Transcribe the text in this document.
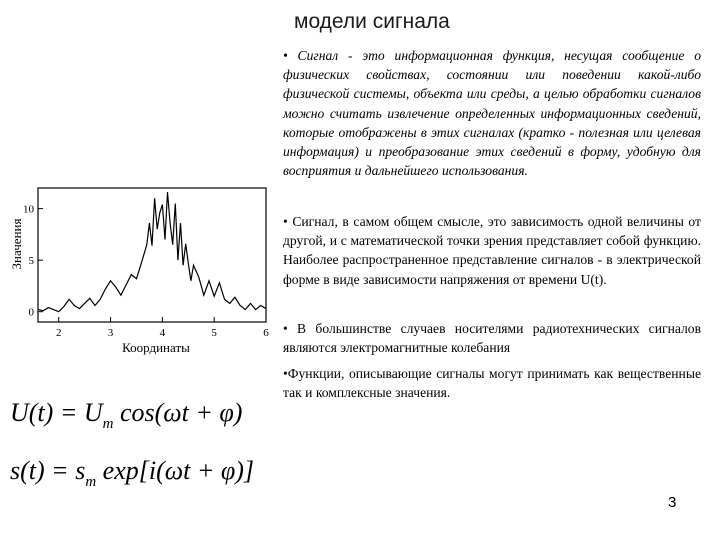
модели сигнала

• Сигнал - это информационная функция, несущая сообщение о физических свойствах, состоянии или поведении какой-либо физической системы, объекта или среды, а целью обработки сигналов можно считать извлечение определенных информационных сведений, которые отображены в этих сигналах (кратко - полезная или целевая информация) и преобразование этих сведений в форму, удобную для восприятия и дальнейшего использования.

• Сигнал, в самом общем смысле, это зависимость одной величины от другой, и с математической точки зрения представляет собой функцию. Наиболее распространенное представление сигналов - в электрической форме в виде зависимости напряжения от времени U(t).

• В большинстве случаев носителями радиотехнических сигналов являются электромагнитные колебания

•Функции, описывающие сигналы могут принимать как вещественные так и комплексные значения.

2	3	4	5	6
0
5
10
Координаты
Значения
$U(t) = U_m$ cos(ωt + φ)
$s(t) = s_m$ exp[i(ωt + φ)]
3
